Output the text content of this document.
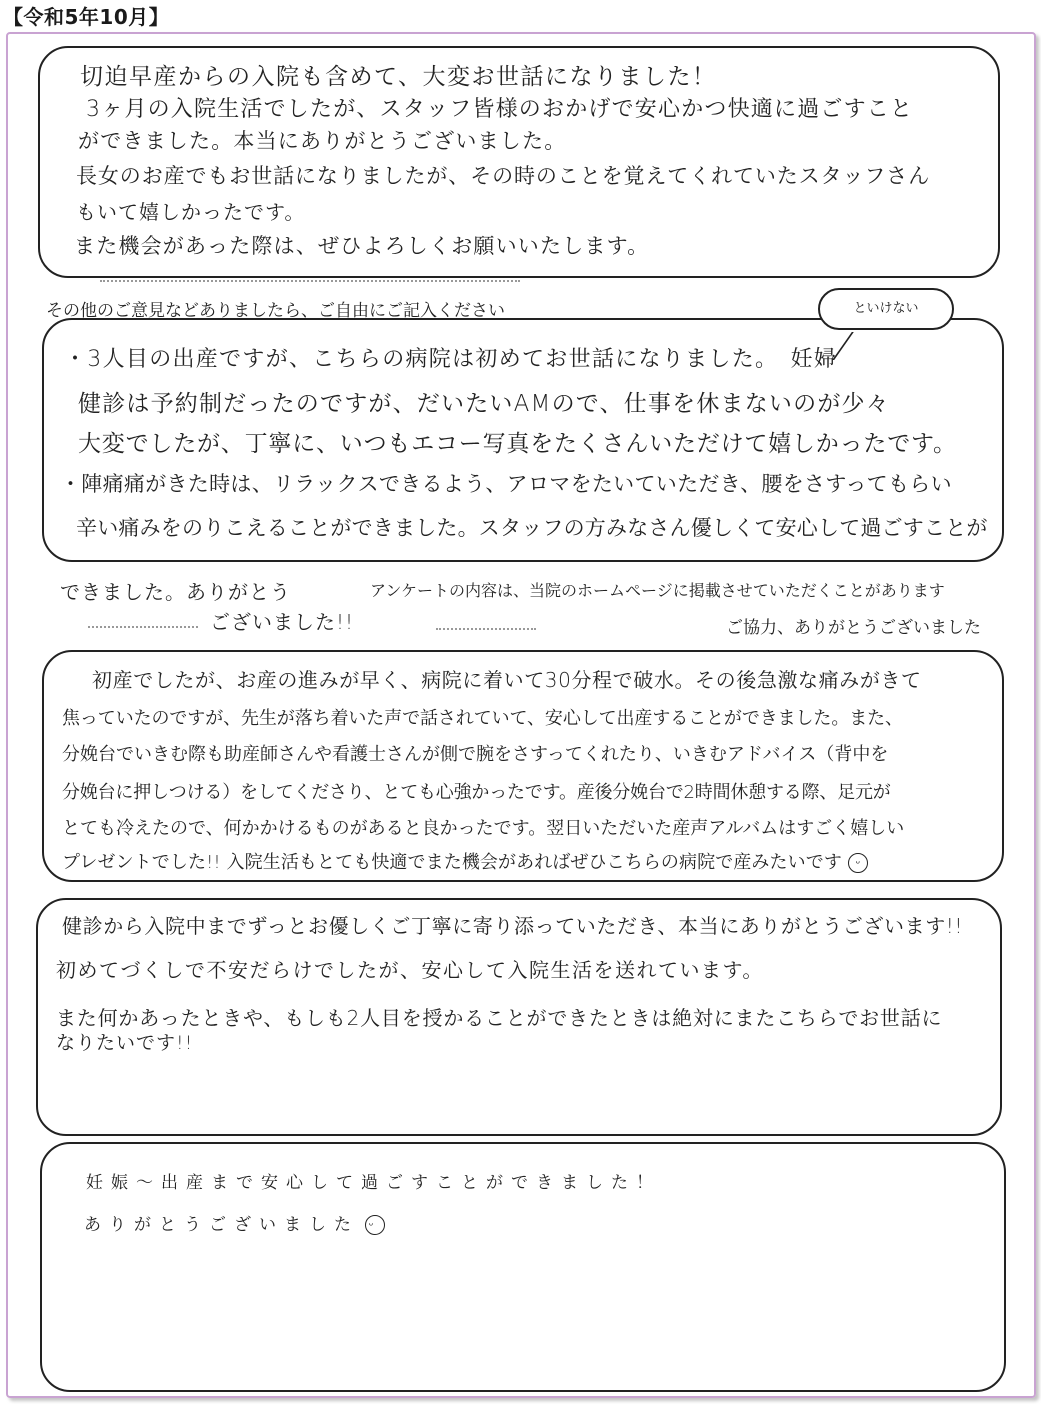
【令和5年10月】
切迫早産からの入院も含めて、大変お世話になりました！
3ヶ月の入院生活でしたが、スタッフ皆様のおかげで安心かつ快適に過ごすこと
ができました。本当にありがとうございました。
長女のお産でもお世話になりましたが、その時のことを覚えてくれていたスタッフさん
もいて嬉しかったです。
また機会があった際は、ぜひよろしくお願いいたします。
その他のご意見などありましたら、ご自由にご記入ください	といけない
・3人目の出産ですが、こちらの病院は初めてお世話になりました。　妊婦
健診は予約制だったのですが、だいたいAMので、仕事を休まないのが少々
大変でしたが、丁寧に、いつもエコー写真をたくさんいただけて嬉しかったです。
・陣痛痛がきた時は、リラックスできるよう、アロマをたいていただき、腰をさすってもらい
辛い痛みをのりこえることができました。スタッフの方みなさん優しくて安心して過ごすことが
できました。ありがとう
ございました!!
アンケートの内容は、当院のホームページに掲載させていただくことがあります
ご協力、ありがとうございました
初産でしたが、お産の進みが早く、病院に着いて30分程で破水。その後急激な痛みがきて
焦っていたのですが、先生が落ち着いた声で話されていて、安心して出産することができました。また、
分娩台でいきむ際も助産師さんや看護士さんが側で腕をさすってくれたり、いきむアドバイス（背中を
分娩台に押しつける）をしてくださり、とても心強かったです。産後分娩台で2時間休憩する際、足元が
とても冷えたので、何かかけるものがあると良かったです。翌日いただいた産声アルバムはすごく嬉しい
プレゼントでした!! 入院生活もとても快適でまた機会があればぜひこちらの病院で産みたいです ᵕ
健診から入院中までずっとお優しくご丁寧に寄り添っていただき、本当にありがとうございます!!
初めてづくしで不安だらけでしたが、安心して入院生活を送れています。
また何かあったときや、もしも2人目を授かることができたときは絶対にまたこちらでお世話に
なりたいです!!
妊娠〜出産まで安心して過ごすことができました！
ありがとうございました ᵕ
